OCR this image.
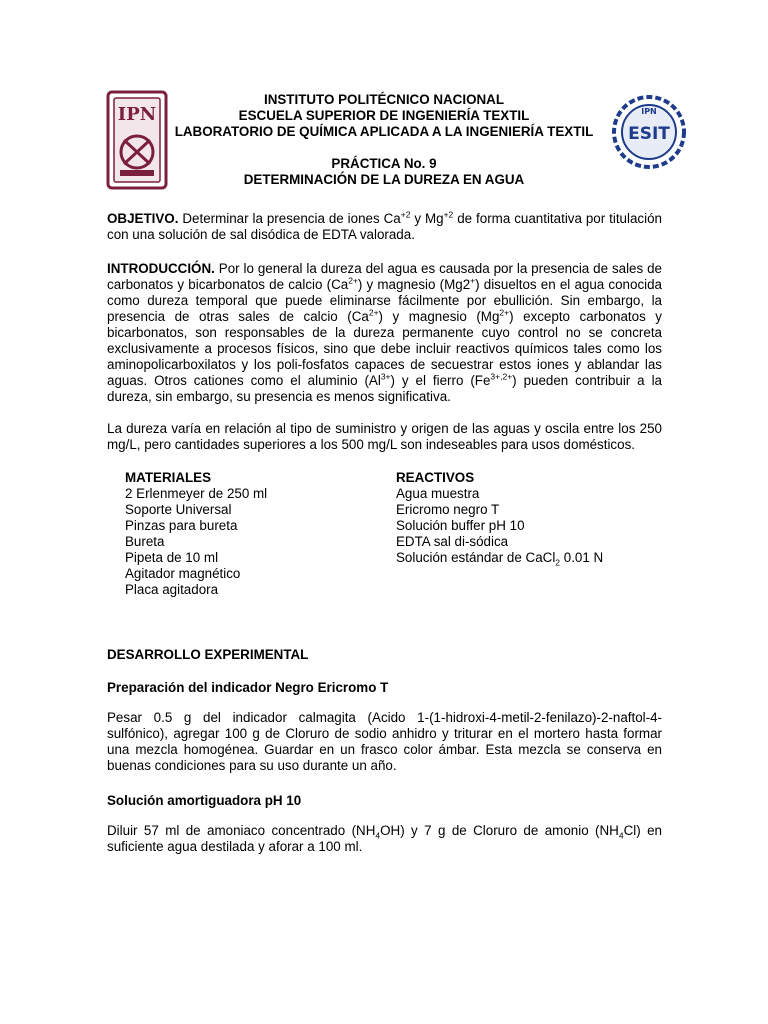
IPN	IPN
ESIT
INSTITUTO POLITÉCNICO NACIONAL
ESCUELA SUPERIOR DE INGENIERÍA TEXTIL
LABORATORIO DE QUÍMICA APLICADA A LA INGENIERÍA TEXTIL
PRÁCTICA No. 9
DETERMINACIÓN DE LA DUREZA EN AGUA
OBJETIVO. Determinar la presencia de iones $Ca^{+2}$ y $Mg^{+2}$ de forma cuantitativa por titulación con una solución de sal disódica de EDTA valorada.
INTRODUCCIÓN. Por lo general la dureza del agua es causada por la presencia de sales de carbonatos y bicarbonatos de calcio $(Ca^{2+})$ y magnesio (Mg2+) disueltos en el agua conocida como dureza temporal que puede eliminarse fácilmente por ebullición. Sin embargo, la presencia de otras sales de calcio $(Ca^{2+})$ y magnesio $(Mg^{2+})$ excepto carbonatos y bicarbonatos, son responsables de la dureza permanente cuyo control no se concreta exclusivamente a procesos físicos, sino que debe incluir reactivos químicos tales como los aminopolicarboxilatos y los poli-fosfatos capaces de secuestrar estos iones y ablandar las aguas. Otros cationes como el aluminio $(Al^{3+})$ y el fierro $(Fe^{3+,2+})$ pueden contribuir a la dureza, sin embargo, su presencia es menos significativa.
La dureza varía en relación al tipo de suministro y origen de las aguas y oscila entre los 250 mg/L, pero cantidades superiores a los 500 mg/L son indeseables para usos domésticos.
MATERIALES
2 Erlenmeyer de 250 ml
Soporte Universal
Pinzas para bureta
Bureta
Pipeta de 10 ml
Agitador magnético
Placa agitadora
REACTIVOS
Agua muestra
Ericromo negro T
Solución buffer pH 10
EDTA sal di-sódica
Solución estándar de CaCl$_2$ 0.01 N
DESARROLLO EXPERIMENTAL
Preparación del indicador Negro Ericromo T
Pesar 0.5 g del indicador calmagita (Acido 1-(1-hidroxi-4-metil-2-fenilazo)-2-naftol-4-sulfónico), agregar 100 g de Cloruro de sodio anhidro y triturar en el mortero hasta formar una mezcla homogénea. Guardar en un frasco color ámbar. Esta mezcla se conserva en buenas condiciones para su uso durante un año.
Solución amortiguadora pH 10
Diluir 57 ml de amoniaco concentrado $(NH_4OH)$ y 7 g de Cloruro de amonio $(NH_4Cl)$ en suficiente agua destilada y aforar a 100 ml.
